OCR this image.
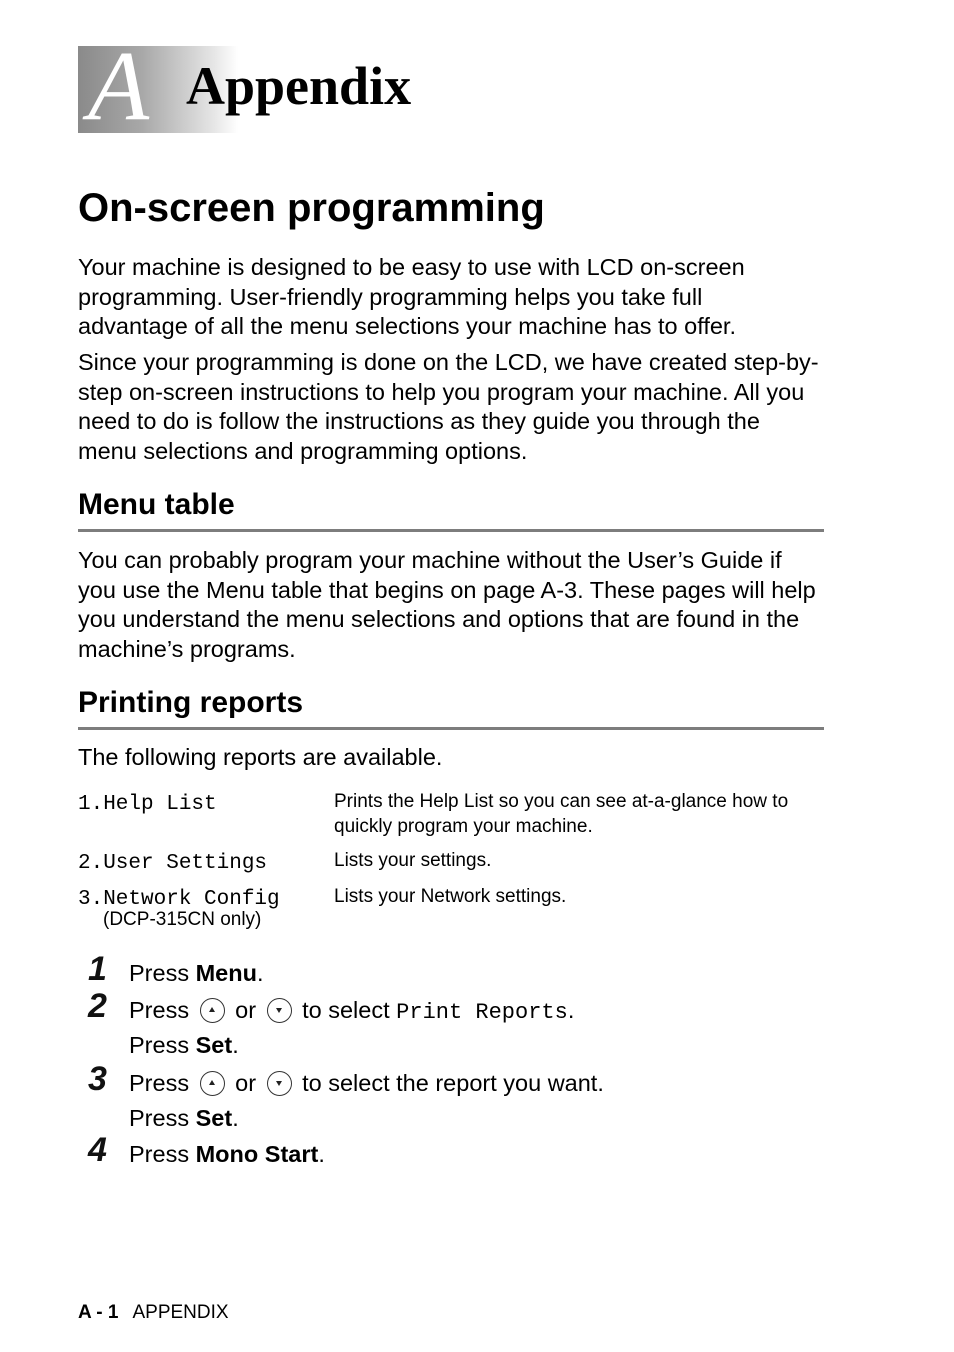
A Appendix
On-screen programming

Your machine is designed to be easy to use with LCD on-screen programming. User-friendly programming helps you take full advantage of all the menu selections your machine has to offer.

Since your programming is done on the LCD, we have created step-by-step on-screen instructions to help you program your machine. All you need to do is follow the instructions as they guide you through the menu selections and programming options.

Menu table

You can probably program your machine without the User’s Guide if you use the Menu table that begins on page A-3. These pages will help you understand the menu selections and options that are found in the machine’s programs.

Printing reports

The following reports are available.

1.Help List	Prints the Help List so you can see at-a-glance how to quickly program your machine.
2.User Settings	Lists your settings.
3.Network Config
(DCP-315CN only)
Lists your Network settings.
1 Press Menu.
2 Press or to select Print Reports.
Press Set.
3 Press or to select the report you want.
Press Set.
4 Press Mono Start.
A - 1 APPENDIX
